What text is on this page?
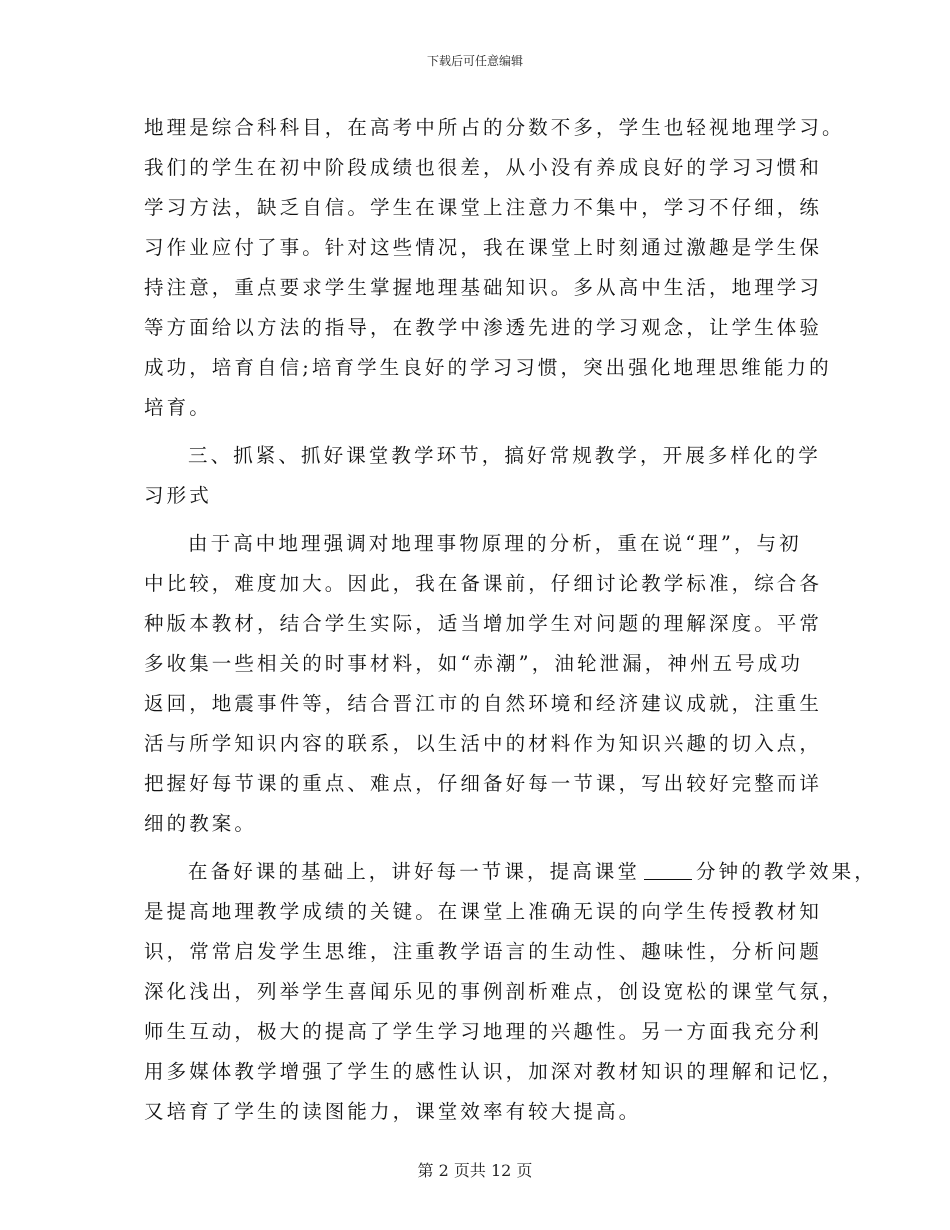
下载后可任意编辑
地理是综合科科目，在高考中所占的分数不多，学生也轻视地理学习。
我们的学生在初中阶段成绩也很差，从小没有养成良好的学习习惯和
学习方法，缺乏自信。学生在课堂上注意力不集中，学习不仔细，练
习作业应付了事。针对这些情况，我在课堂上时刻通过激趣是学生保
持注意，重点要求学生掌握地理基础知识。多从高中生活，地理学习
等方面给以方法的指导，在教学中渗透先进的学习观念，让学生体验
成功，培育自信;培育学生良好的学习习惯，突出强化地理思维能力的
培育。
三、抓紧、抓好课堂教学环节，搞好常规教学，开展多样化的学
习形式
由于高中地理强调对地理事物原理的分析，重在说“理”，与初
中比较，难度加大。因此，我在备课前，仔细讨论教学标准，综合各
种版本教材，结合学生实际，适当增加学生对问题的理解深度。平常
多收集一些相关的时事材料，如“赤潮”，油轮泄漏，神州五号成功
返回，地震事件等，结合晋江市的自然环境和经济建议成就，注重生
活与所学知识内容的联系，以生活中的材料作为知识兴趣的切入点，
把握好每节课的重点、难点，仔细备好每一节课，写出较好完整而详
细的教案。
在备好课的基础上，讲好每一节课，提高课堂	分钟的教学效果，
是提高地理教学成绩的关键。在课堂上准确无误的向学生传授教材知
识，常常启发学生思维，注重教学语言的生动性、趣味性，分析问题
深化浅出，列举学生喜闻乐见的事例剖析难点，创设宽松的课堂气氛，
师生互动，极大的提高了学生学习地理的兴趣性。另一方面我充分利
用多媒体教学增强了学生的感性认识，加深对教材知识的理解和记忆，
又培育了学生的读图能力，课堂效率有较大提高。
第 2 页共 12 页
